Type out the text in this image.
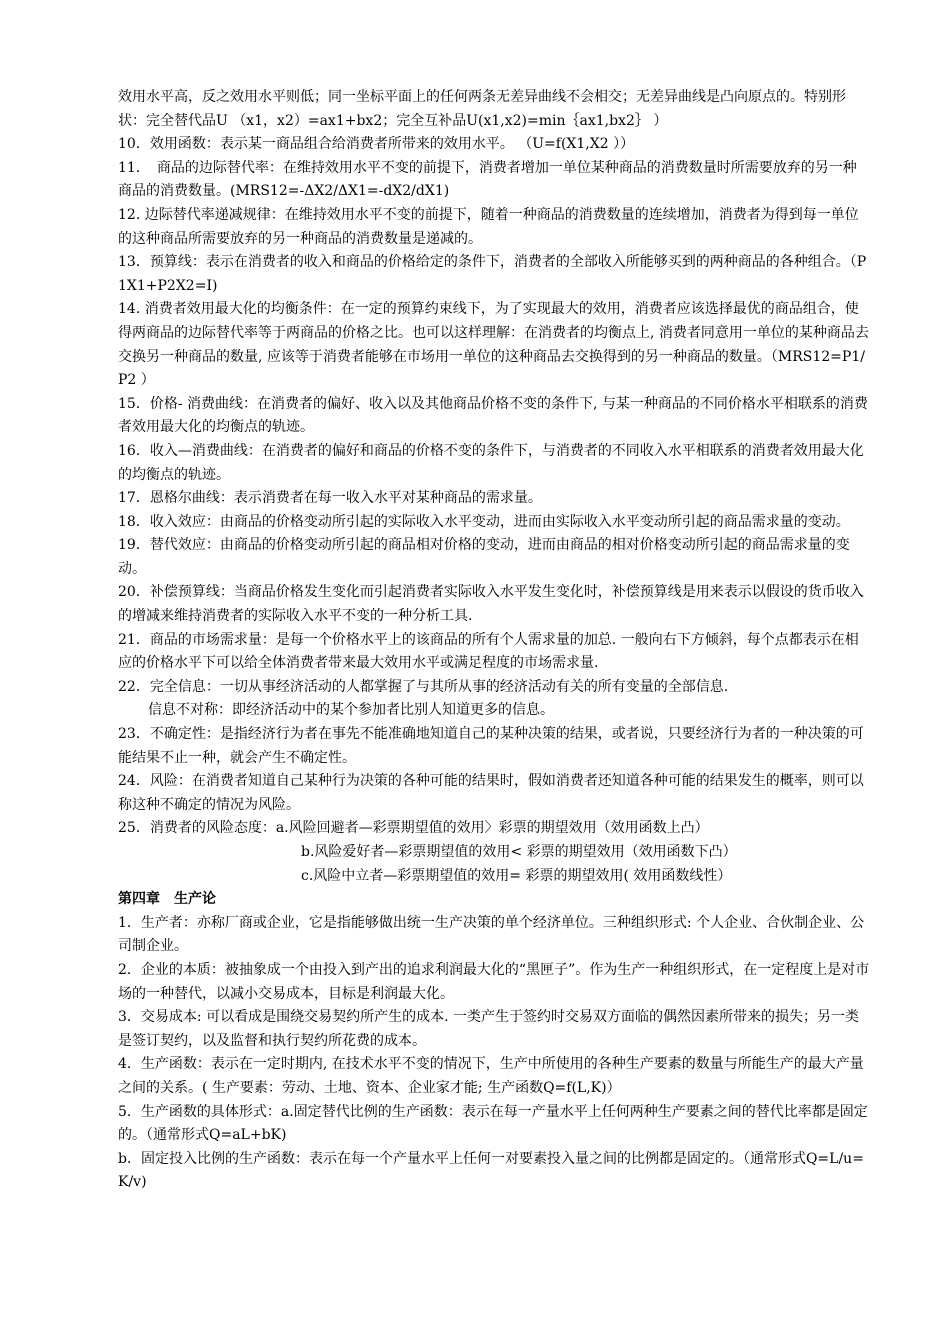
效用水平高，反之效用水平则低；同一坐标平面上的任何两条无差异曲线不会相交；无差异曲线是凸向原点的。特别形状：完全替代品U （x1，x2）=ax1+bx2；完全互补品U(x1,x2)=min｛ax1,bx2｝ ）

10．效用函数：表示某一商品组合给消费者所带来的效用水平。 （U=f(X1,X2 ））

11．　商品的边际替代率：在维持效用水平不变的前提下，消费者增加一单位某种商品的消费数量时所需要放弃的另一种商品的消费数量。(MRS12=-ΔX2/ΔX1=-dX2/dX1)

12. 边际替代率递减规律：在维持效用水平不变的前提下，随着一种商品的消费数量的连续增加，消费者为得到每一单位的这种商品所需要放弃的另一种商品的消费数量是递减的。

13．预算线：表示在消费者的收入和商品的价格给定的条件下，消费者的全部收入所能够买到的两种商品的各种组合。（P1X1+P2X2=I)

14. 消费者效用最大化的均衡条件：在一定的预算约束线下，为了实现最大的效用，消费者应该选择最优的商品组合，使得两商品的边际替代率等于两商品的价格之比。也可以这样理解：在消费者的均衡点上, 消费者同意用一单位的某种商品去交换另一种商品的数量, 应该等于消费者能够在市场用一单位的这种商品去交换得到的另一种商品的数量。（MRS12=P1/P2 ）

15．价格- 消费曲线：在消费者的偏好、收入以及其他商品价格不变的条件下, 与某一种商品的不同价格水平相联系的消费者效用最大化的均衡点的轨迹。

16．收入—消费曲线：在消费者的偏好和商品的价格不变的条件下，与消费者的不同收入水平相联系的消费者效用最大化的均衡点的轨迹。

17．恩格尔曲线：表示消费者在每一收入水平对某种商品的需求量。

18．收入效应：由商品的价格变动所引起的实际收入水平变动，进而由实际收入水平变动所引起的商品需求量的变动。

19．替代效应：由商品的价格变动所引起的商品相对价格的变动，进而由商品的相对价格变动所引起的商品需求量的变动。

20．补偿预算线：当商品价格发生变化而引起消费者实际收入水平发生变化时，补偿预算线是用来表示以假设的货币收入的增减来维持消费者的实际收入水平不变的一种分析工具.

21．商品的市场需求量：是每一个价格水平上的该商品的所有个人需求量的加总. 一般向右下方倾斜，每个点都表示在相应的价格水平下可以给全体消费者带来最大效用水平或满足程度的市场需求量.

22．完全信息：一切从事经济活动的人都掌握了与其所从事的经济活动有关的所有变量的全部信息.

信息不对称：即经济活动中的某个参加者比别人知道更多的信息。

23．不确定性：是指经济行为者在事先不能准确地知道自己的某种决策的结果，或者说，只要经济行为者的一种决策的可能结果不止一种，就会产生不确定性。

24．风险：在消费者知道自己某种行为决策的各种可能的结果时，假如消费者还知道各种可能的结果发生的概率，则可以称这种不确定的情况为风险。

25．消费者的风险态度：a.风险回避者—彩票期望值的效用〉彩票的期望效用（效用函数上凸）

b.风险爱好者—彩票期望值的效用< 彩票的期望效用（效用函数下凸）

c.风险中立者—彩票期望值的效用= 彩票的期望效用( 效用函数线性）

第四章　生产论

1．生产者：亦称厂商或企业，它是指能够做出统一生产决策的单个经济单位。三种组织形式: 个人企业、合伙制企业、公司制企业。

2．企业的本质：被抽象成一个由投入到产出的追求利润最大化的“黑匣子”。作为生产一种组织形式，在一定程度上是对市场的一种替代，以减小交易成本，目标是利润最大化。

3．交易成本: 可以看成是围绕交易契约所产生的成本. 一类产生于签约时交易双方面临的偶然因素所带来的损失；另一类是签订契约，以及监督和执行契约所花费的成本。

4．生产函数：表示在一定时期内, 在技术水平不变的情况下，生产中所使用的各种生产要素的数量与所能生产的最大产量之间的关系。( 生产要素：劳动、土地、资本、企业家才能; 生产函数Q=f(L,K)）

5．生产函数的具体形式：a.固定替代比例的生产函数：表示在每一产量水平上任何两种生产要素之间的替代比率都是固定的。（通常形式Q=aL+bK)

b．固定投入比例的生产函数：表示在每一个产量水平上任何一对要素投入量之间的比例都是固定的。（通常形式Q=L/u=K/v)
